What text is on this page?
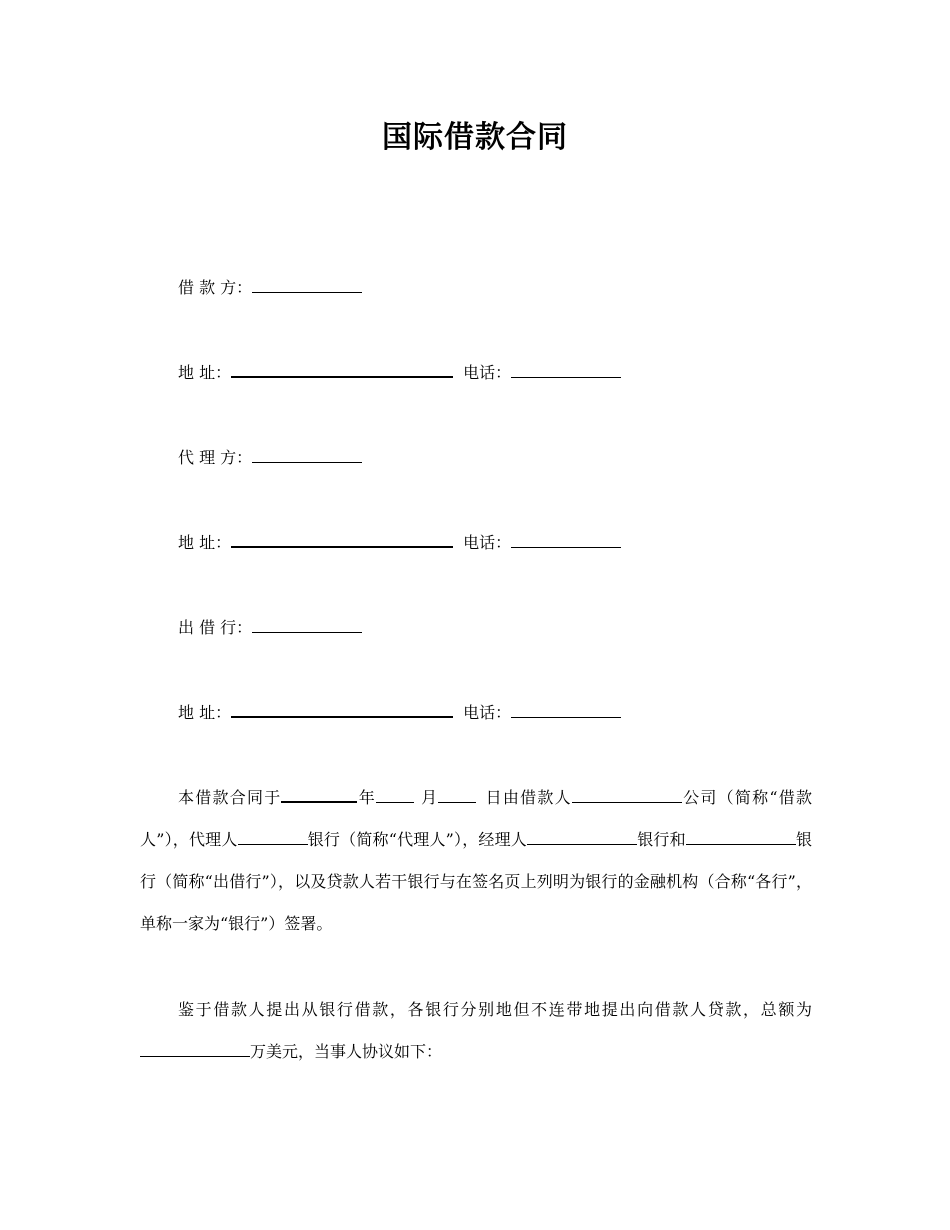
国际借款合同
借 款 方：
地 址：	电话：
代 理 方：
地 址：	电话：
出 借 行：
地 址：	电话：
本借款合同于	年	月	日由借款人	公司（简称“借款人”），代理人	银行（简称“代理人”），经理人	银行和	银行（简称“出借行”），以及贷款人若干银行与在签名页上列明为银行的金融机构（合称“各行”，单称一家为“银行”）签署。
鉴于借款人提出从银行借款，各银行分别地但不连带地提出向借款人贷款，总额为万美元，当事人协议如下：
